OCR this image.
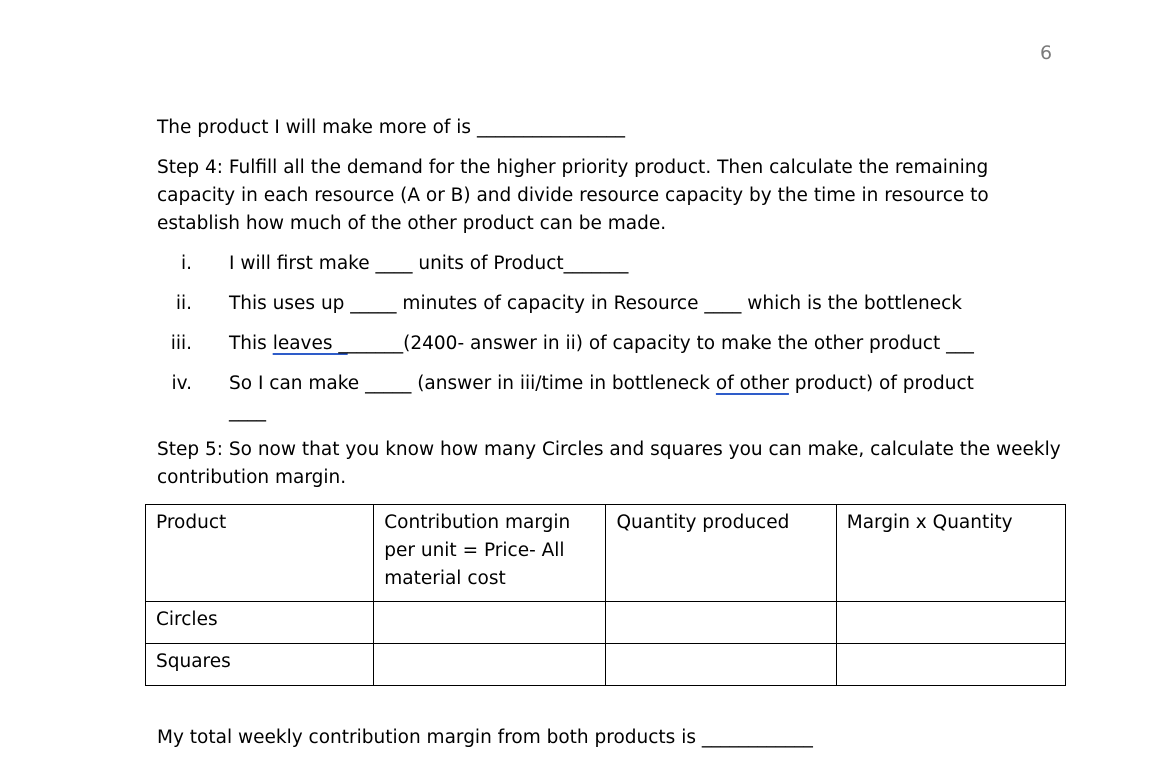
6
The product I will make more of is ________________
Step 4: Fulfill all the demand for the higher priority product. Then calculate the remaining
capacity in each resource (A or B) and divide resource capacity by the time in resource to
establish how much of the other product can be made.
i. I will first make ____ units of Product_______
ii. This uses up _____ minutes of capacity in Resource ____ which is the bottleneck
iii. This leaves _______(2400- answer in ii) of capacity to make the other product ___
iv. So I can make _____ (answer in iii/time in bottleneck of other product) of product
____
Step 5: So now that you know how many Circles and squares you can make, calculate the weekly
contribution margin.
Product	Contribution margin
per unit = Price- All
material cost	Quantity produced	Margin x Quantity
Circles			
Squares			
My total weekly contribution margin from both products is ____________
